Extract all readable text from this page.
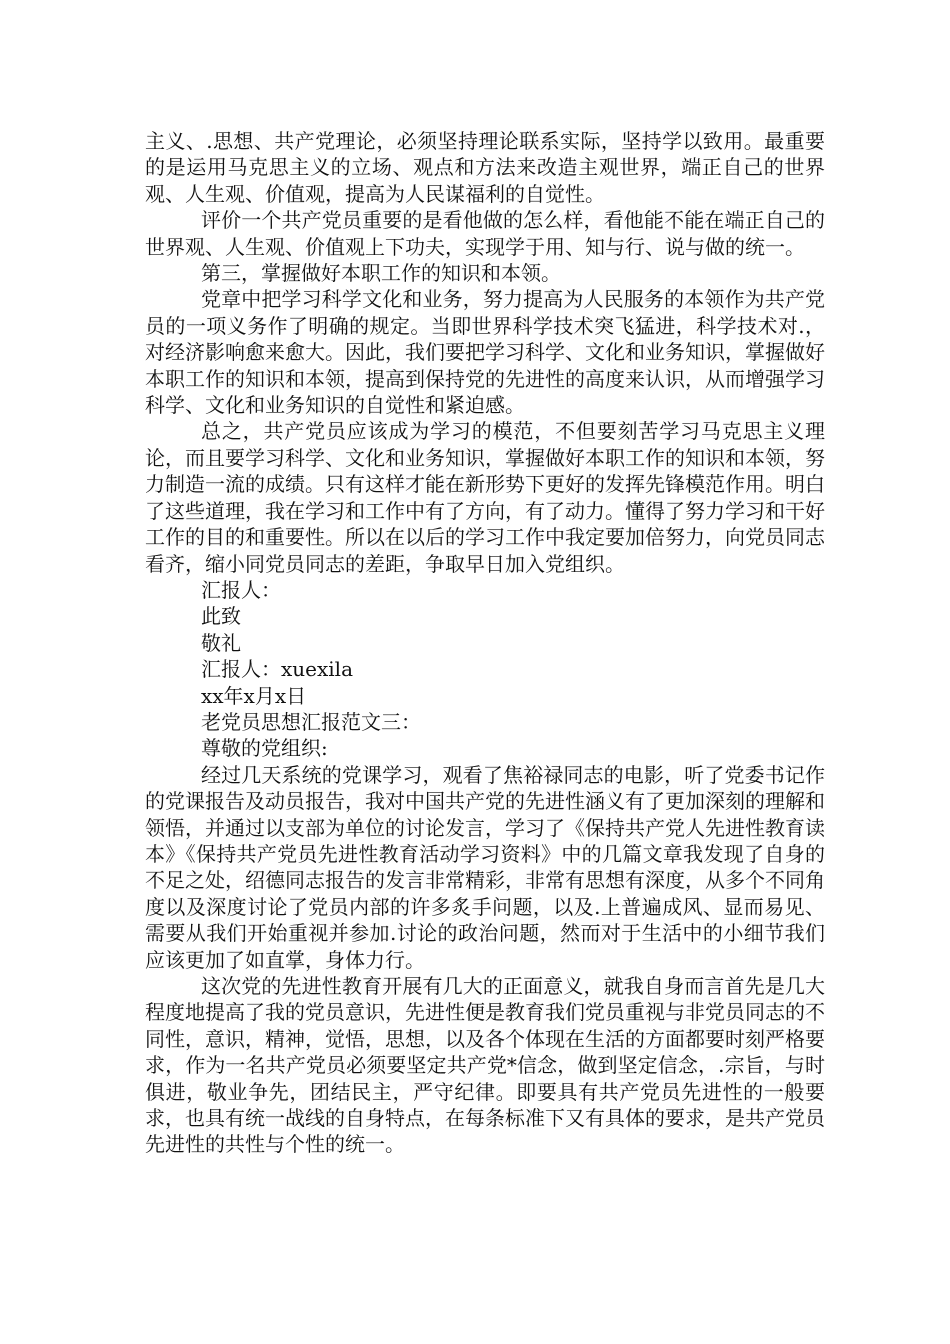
主义、.思想、共产党理论，必须坚持理论联系实际，坚持学以致用。最重要的是运用马克思主义的立场、观点和方法来改造主观世界，端正自己的世界观、人生观、价值观，提高为人民谋福利的自觉性。

评价一个共产党员重要的是看他做的怎么样，看他能不能在端正自己的世界观、人生观、价值观上下功夫，实现学于用、知与行、说与做的统一。

第三，掌握做好本职工作的知识和本领。

党章中把学习科学文化和业务，努力提高为人民服务的本领作为共产党员的一项义务作了明确的规定。当即世界科学技术突飞猛进，科学技术对.，对经济影响愈来愈大。因此，我们要把学习科学、文化和业务知识，掌握做好本职工作的知识和本领，提高到保持党的先进性的高度来认识，从而增强学习科学、文化和业务知识的自觉性和紧迫感。

总之，共产党员应该成为学习的模范，不但要刻苦学习马克思主义理论，而且要学习科学、文化和业务知识，掌握做好本职工作的知识和本领，努力制造一流的成绩。只有这样才能在新形势下更好的发挥先锋模范作用。明白了这些道理，我在学习和工作中有了方向，有了动力。懂得了努力学习和干好工作的目的和重要性。所以在以后的学习工作中我定要加倍努力，向党员同志看齐，缩小同党员同志的差距，争取早日加入党组织。

汇报人：

此致

敬礼

汇报人：xuexila

xx年x月x日

老党员思想汇报范文三：

尊敬的党组织:

经过几天系统的党课学习，观看了焦裕禄同志的电影，听了党委书记作的党课报告及动员报告，我对中国共产党的先进性涵义有了更加深刻的理解和领悟，并通过以支部为单位的讨论发言，学习了《保持共产党人先进性教育读本》《保持共产党员先进性教育活动学习资料》中的几篇文章我发现了自身的不足之处，绍德同志报告的发言非常精彩，非常有思想有深度，从多个不同角度以及深度讨论了党员内部的许多炙手问题，以及.上普遍成风、显而易见、需要从我们开始重视并参加.讨论的政治问题，然而对于生活中的小细节我们应该更加了如直掌，身体力行。

这次党的先进性教育开展有几大的正面意义，就我自身而言首先是几大程度地提高了我的党员意识，先进性便是教育我们党员重视与非党员同志的不同性，意识，精神，觉悟，思想，以及各个体现在生活的方面都要时刻严格要求，作为一名共产党员必须要坚定共产党*信念，做到坚定信念，.宗旨，与时俱进，敬业争先，团结民主，严守纪律。即要具有共产党员先进性的一般要求，也具有统一战线的自身特点，在每条标准下又有具体的要求，是共产党员先进性的共性与个性的统一。
